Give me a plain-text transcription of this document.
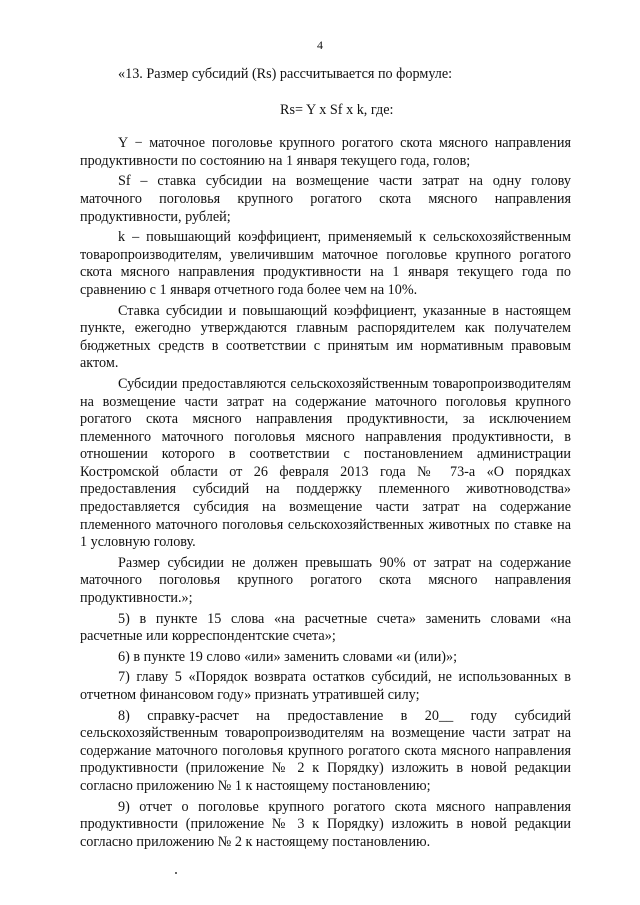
4

«13. Размер субсидий (Rs) рассчитывается по формуле:

Rs= Y x Sf x k, где:

Y − маточное поголовье крупного рогатого скота мясного направления продуктивности по состоянию на 1 января текущего года, голов;

Sf – ставка субсидии на возмещение части затрат на одну голову маточного поголовья крупного рогатого скота мясного направления продуктивности, рублей;

k – повышающий коэффициент, применяемый к сельскохозяйственным товаропроизводителям, увеличившим маточное поголовье крупного рогатого скота мясного направления продуктивности на 1 января текущего года по сравнению с 1 января отчетного года более чем на 10%.

Ставка субсидии и повышающий коэффициент, указанные в настоящем пункте, ежегодно утверждаются главным распорядителем как получателем бюджетных средств в соответствии с принятым им нормативным правовым актом.

Субсидии предоставляются сельскохозяйственным товаропроизводителям на возмещение части затрат на содержание маточного поголовья крупного рогатого скота мясного направления продуктивности, за исключением племенного маточного поголовья мясного направления продуктивности, в отношении которого в соответствии с постановлением администрации Костромской области от 26 февраля 2013 года № 73-а «О порядках предоставления субсидий на поддержку племенного животноводства» предоставляется субсидия на возмещение части затрат на содержание племенного маточного поголовья сельскохозяйственных животных по ставке на 1 условную голову.

Размер субсидии не должен превышать 90% от затрат на содержание маточного поголовья крупного рогатого скота мясного направления продуктивности.»;

5) в пункте 15 слова «на расчетные счета» заменить словами «на расчетные или корреспондентские счета»;

6) в пункте 19 слово «или» заменить словами «и (или)»;

7) главу 5 «Порядок возврата остатков субсидий, не использованных в отчетном финансовом году» признать утратившей силу;

8) справку-расчет на предоставление в 20__ году субсидий сельскохозяйственным товаропроизводителям на возмещение части затрат на содержание маточного поголовья крупного рогатого скота мясного направления продуктивности (приложение № 2 к Порядку) изложить в новой редакции согласно приложению № 1 к настоящему постановлению;

9) отчет о поголовье крупного рогатого скота мясного направления продуктивности (приложение № 3 к Порядку) изложить в новой редакции согласно приложению № 2 к настоящему постановлению.
